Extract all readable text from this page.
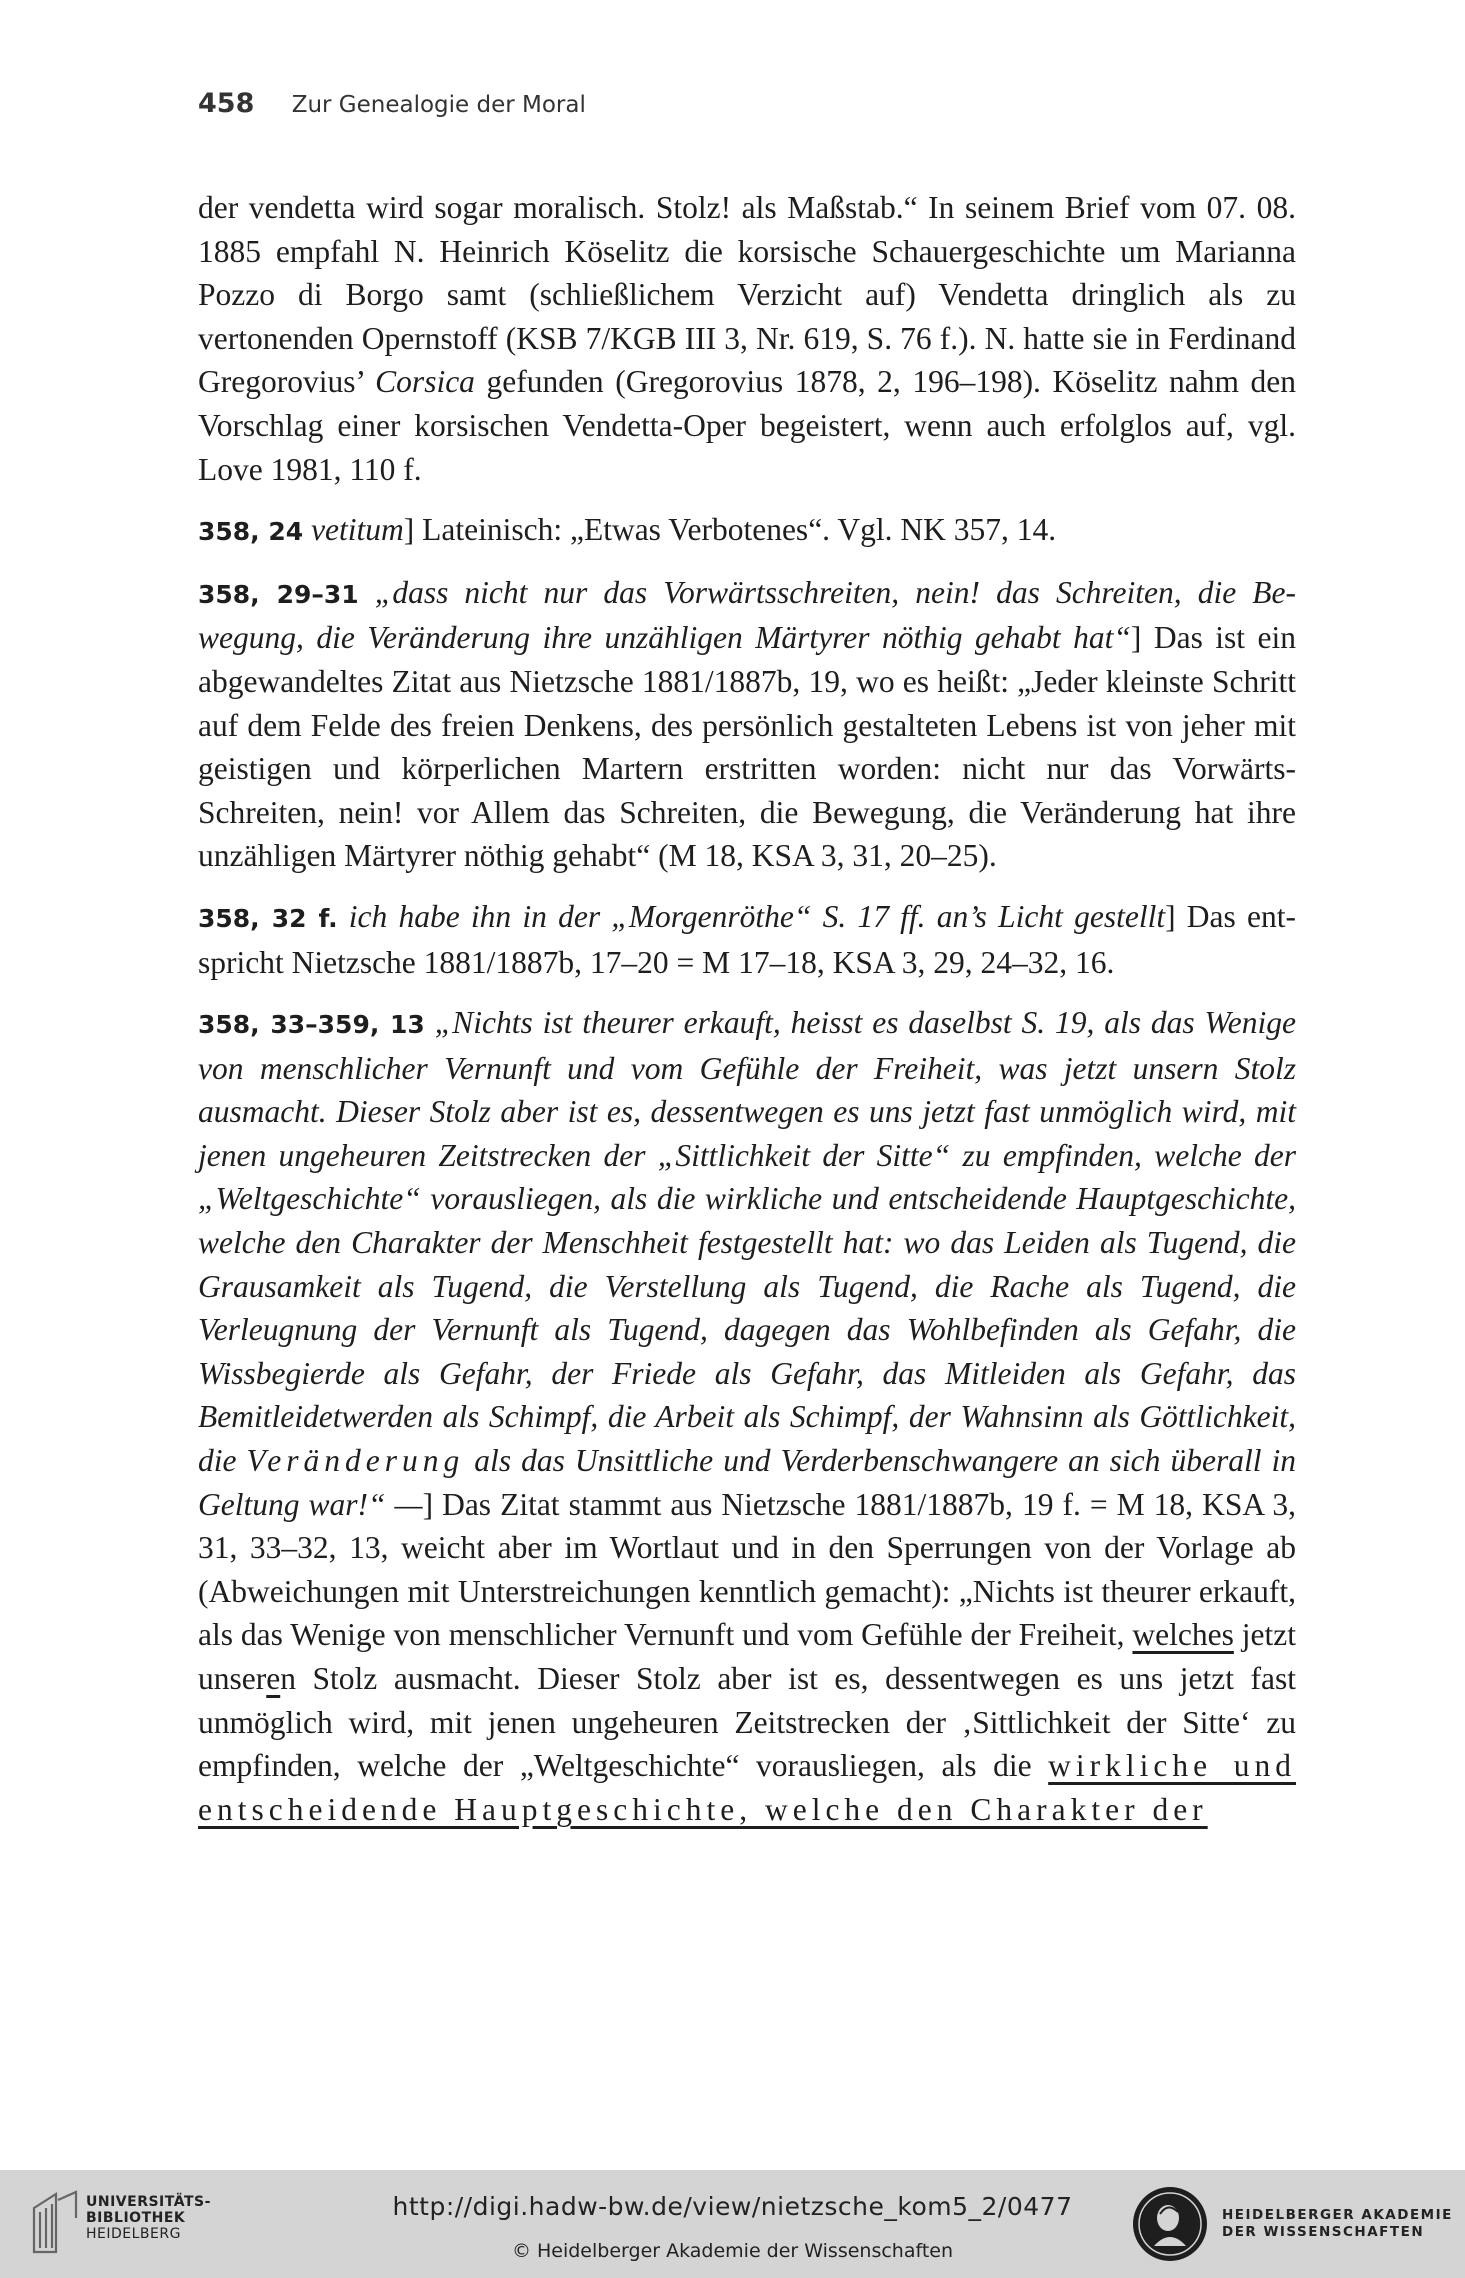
458 Zur Genealogie der Moral

der vendetta wird sogar moralisch. Stolz! als Maßstab.“ In seinem Brief vom 07. 08. 1885 empfahl N. Heinrich Köselitz die korsische Schauergeschichte um Marianna Pozzo di Borgo samt (schließlichem Verzicht auf) Vendetta dringlich als zu vertonenden Opernstoff (KSB 7/KGB III 3, Nr. 619, S. 76 f.). N. hatte sie in Ferdinand Gregorovius’ Corsica gefunden (Gregorovius 1878, 2, 196–198). Köselitz nahm den Vorschlag einer korsischen Vendetta-Oper begeistert, wenn auch erfolglos auf, vgl. Love 1981, 110 f.

358, 24 vetitum] Lateinisch: „Etwas Verbotenes“. Vgl. NK 357, 14.

358, 29–31 „dass nicht nur das Vorwärtsschreiten, nein! das Schreiten, die Bewegung, die Veränderung ihre unzähligen Märtyrer nöthig gehabt hat“] Das ist ein abgewandeltes Zitat aus Nietzsche 1881/1887b, 19, wo es heißt: „Jeder kleinste Schritt auf dem Felde des freien Denkens, des persönlich gestalteten Lebens ist von jeher mit geistigen und körperlichen Martern erstritten worden: nicht nur das Vorwärts-Schreiten, nein! vor Allem das Schreiten, die Bewegung, die Veränderung hat ihre unzähligen Märtyrer nöthig gehabt“ (M 18, KSA 3, 31, 20–25).

358, 32 f. ich habe ihn in der „Morgenröthe“ S. 17 ff. an’s Licht gestellt] Das entspricht Nietzsche 1881/1887b, 17–20 = M 17–18, KSA 3, 29, 24–32, 16.

358, 33–359, 13 „Nichts ist theurer erkauft, heisst es daselbst S. 19, als das Wenige von menschlicher Vernunft und vom Gefühle der Freiheit, was jetzt unsern Stolz ausmacht. Dieser Stolz aber ist es, dessentwegen es uns jetzt fast unmöglich wird, mit jenen ungeheuren Zeitstrecken der „Sittlichkeit der Sitte“ zu empfinden, welche der „Weltgeschichte“ vorausliegen, als die wirkliche und entscheidende Hauptgeschichte, welche den Charakter der Menschheit festgestellt hat: wo das Leiden als Tugend, die Grausamkeit als Tugend, die Verstellung als Tugend, die Rache als Tugend, die Verleugnung der Vernunft als Tugend, dagegen das Wohlbefinden als Gefahr, die Wissbegierde als Gefahr, der Friede als Gefahr, das Mitleiden als Gefahr, das Bemitleidetwerden als Schimpf, die Arbeit als Schimpf, der Wahnsinn als Göttlichkeit, die Veränderung als das Unsittliche und Verderbenschwangere an sich überall in Geltung war!“ —] Das Zitat stammt aus Nietzsche 1881/1887b, 19 f. = M 18, KSA 3, 31, 33–32, 13, weicht aber im Wortlaut und in den Sperrungen von der Vorlage ab (Abweichungen mit Unterstreichungen kenntlich gemacht): „Nichts ist theurer erkauft, als das Wenige von menschlicher Vernunft und vom Gefühle der Freiheit, welches jetzt unseren Stolz ausmacht. Dieser Stolz aber ist es, dessentwegen es uns jetzt fast unmöglich wird, mit jenen ungeheuren Zeitstrecken der ‚Sittlichkeit der Sitte‘ zu empfinden, welche der „Weltgeschichte“ vorausliegen, als die wirkliche und entscheidende Hauptgeschichte, welche den Charakter der

UNIVERSITÄTS-
BIBLIOTHEK
HEIDELBERG
http://digi.hadw-bw.de/view/nietzsche_kom5_2/0477
© Heidelberger Akademie der Wissenschaften
HEIDELBERGER AKADEMIE
DER WISSENSCHAFTEN
